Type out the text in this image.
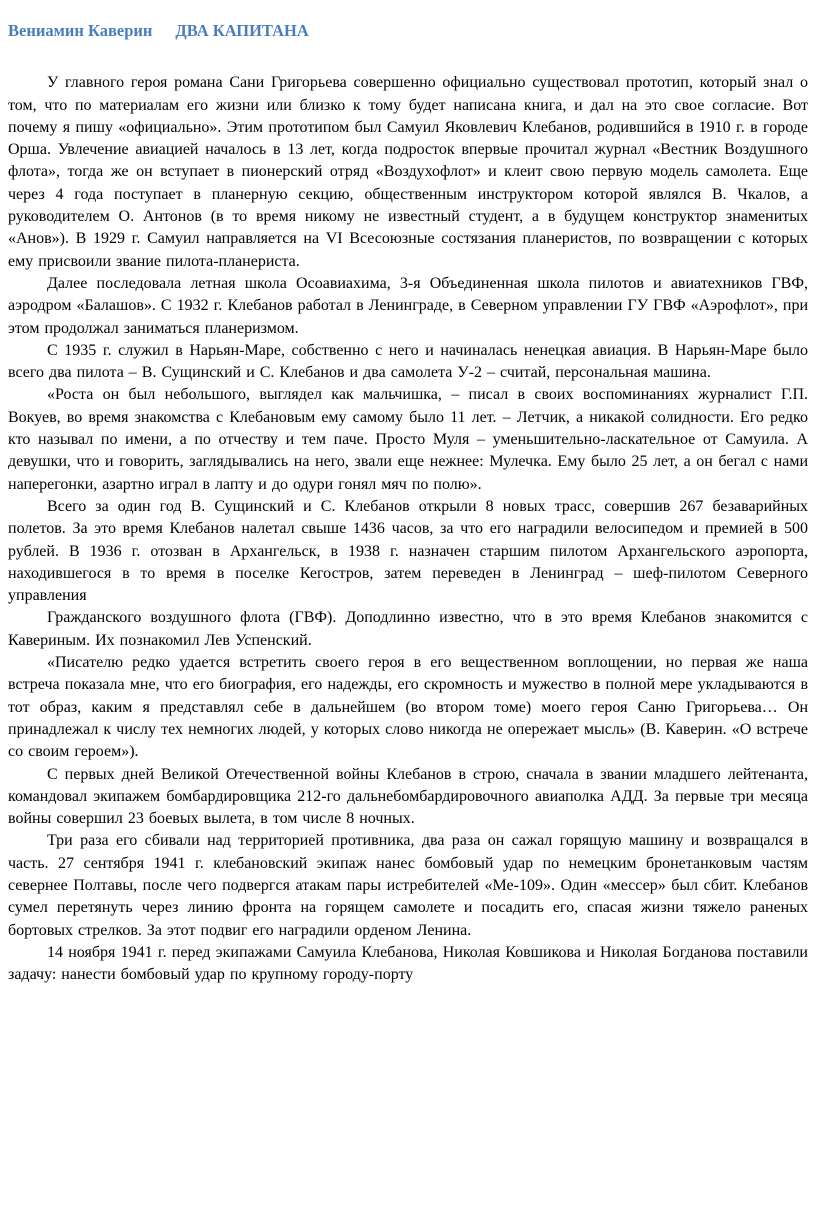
Вениамин Каверин ДВА КАПИТАНА

У главного героя романа Сани Григорьева совершенно официально существовал прототип, который знал о том, что по материалам его жизни или близко к тому будет написана книга, и дал на это свое согласие. Вот почему я пишу «официально». Этим прототипом был Самуил Яковлевич Клебанов, родившийся в 1910 г. в городе Орша. Увлечение авиацией началось в 13 лет, когда подросток впервые прочитал журнал «Вестник Воздушного флота», тогда же он вступает в пионерский отряд «Воздухофлот» и клеит свою первую модель самолета. Еще через 4 года поступает в планерную секцию, общественным инструктором которой являлся В. Чкалов, а руководителем О. Антонов (в то время никому не известный студент, а в будущем конструктор знаменитых «Анов»). В 1929 г. Самуил направляется на VI Всесоюзные состязания планеристов, по возвращении с которых ему присвоили звание пилота-планериста.

Далее последовала летная школа Осоавиахима, 3-я Объединенная школа пилотов и авиатехников ГВФ, аэродром «Балашов». С 1932 г. Клебанов работал в Ленинграде, в Северном управлении ГУ ГВФ «Аэрофлот», при этом продолжал заниматься планеризмом.

С 1935 г. служил в Нарьян-Маре, собственно с него и начиналась ненецкая авиация. В Нарьян-Маре было всего два пилота – В. Сущинский и С. Клебанов и два самолета У-2 – считай, персональная машина.

«Роста он был небольшого, выглядел как мальчишка, – писал в своих воспоминаниях журналист Г.П. Вокуев, во время знакомства с Клебановым ему самому было 11 лет. – Летчик, а никакой солидности. Его редко кто называл по имени, а по отчеству и тем паче. Просто Муля – уменьшительно-ласкательное от Самуила. А девушки, что и говорить, заглядывались на него, звали еще нежнее: Мулечка. Ему было 25 лет, а он бегал с нами наперегонки, азартно играл в лапту и до одури гонял мяч по полю».

Всего за один год В. Сущинский и С. Клебанов открыли 8 новых трасс, совершив 267 безаварийных полетов. За это время Клебанов налетал свыше 1436 часов, за что его наградили велосипедом и премией в 500 рублей. В 1936 г. отозван в Архангельск, в 1938 г. назначен старшим пилотом Архангельского аэропорта, находившегося в то время в поселке Кегостров, затем переведен в Ленинград – шеф-пилотом Северного управления

Гражданского воздушного флота (ГВФ). Доподлинно известно, что в это время Клебанов знакомится с Кавериным. Их познакомил Лев Успенский.

«Писателю редко удается встретить своего героя в его вещественном воплощении, но первая же наша встреча показала мне, что его биография, его надежды, его скромность и мужество в полной мере укладываются в тот образ, каким я представлял себе в дальнейшем (во втором томе) моего героя Саню Григорьева… Он принадлежал к числу тех немногих людей, у которых слово никогда не опережает мысль» (В. Каверин. «О встрече со своим героем»).

С первых дней Великой Отечественной войны Клебанов в строю, сначала в звании младшего лейтенанта, командовал экипажем бомбардировщика 212-го дальнебомбардировочного авиаполка АДД. За первые три месяца войны совершил 23 боевых вылета, в том числе 8 ночных.

Три раза его сбивали над территорией противника, два раза он сажал горящую машину и возвращался в часть. 27 сентября 1941 г. клебановский экипаж нанес бомбовый удар по немецким бронетанковым частям севернее Полтавы, после чего подвергся атакам пары истребителей «Ме-109». Один «мессер» был сбит. Клебанов сумел перетянуть через линию фронта на горящем самолете и посадить его, спасая жизни тяжело раненых бортовых стрелков. За этот подвиг его наградили орденом Ленина.

14 ноября 1941 г. перед экипажами Самуила Клебанова, Николая Ковшикова и Николая Богданова поставили задачу: нанести бомбовый удар по крупному городу-порту
